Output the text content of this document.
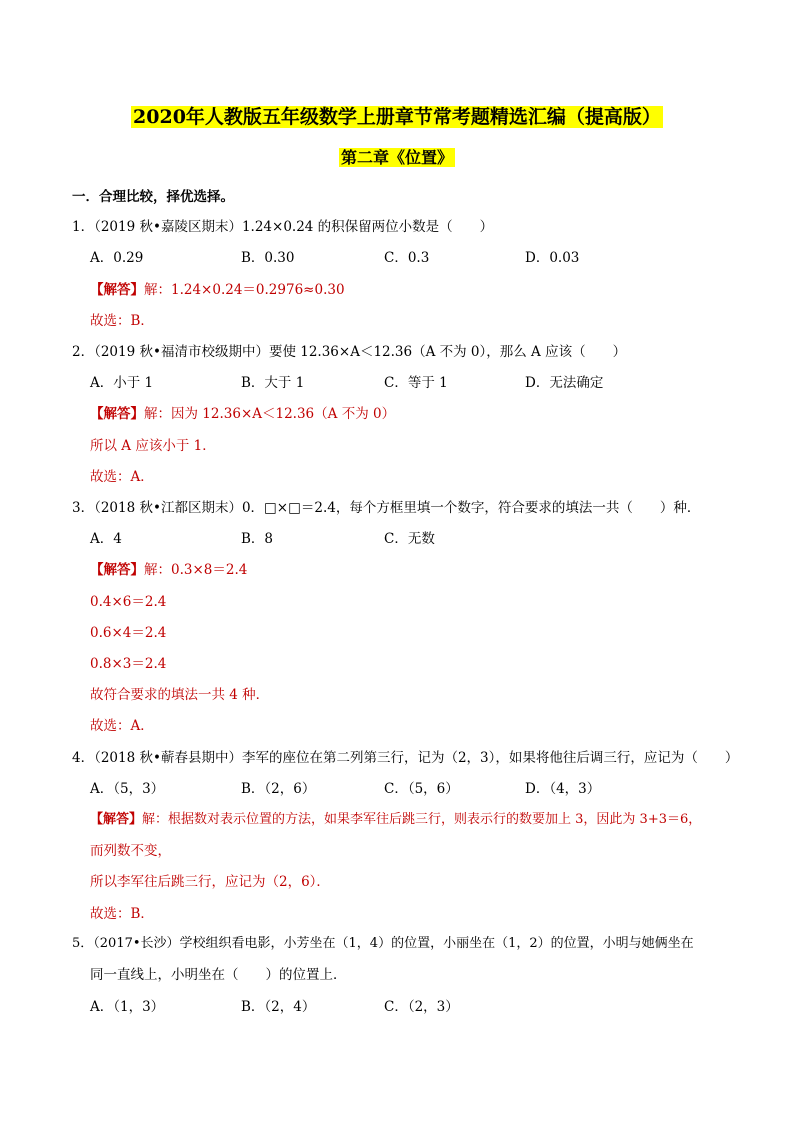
2020年人教版五年级数学上册章节常考题精选汇编（提高版）
第二章《位置》
一．合理比较，择优选择。
1．（2019 秋•嘉陵区期末）1.24×0.24 的积保留两位小数是（　　）
A．0.29	B．0.30	C．0.3	D．0.03
【解答】解：1.24×0.24＝0.2976≈0.30
故选：B．
2．（2019 秋•福清市校级期中）要使 12.36×A＜12.36（A 不为 0），那么 A 应该（　　）
A．小于 1	B．大于 1	C．等于 1	D．无法确定
【解答】解：因为 12.36×A＜12.36（A 不为 0）
所以 A 应该小于 1．
故选：A．
3．（2018 秋•江都区期末）0．□×□＝2.4，每个方框里填一个数字，符合要求的填法一共（　　）种．
A．4	B．8	C．无数
【解答】解：0.3×8＝2.4
0.4×6＝2.4
0.6×4＝2.4
0.8×3＝2.4
故符合要求的填法一共 4 种．
故选：A．
4．（2018 秋•蕲春县期中）李军的座位在第二列第三行，记为（2，3），如果将他往后调三行，应记为（　　）
A．（5，3）	B．（2，6）	C．（5，6）	D．（4，3）
【解答】解：根据数对表示位置的方法，如果李军往后跳三行，则表示行的数要加上 3，因此为 3+3＝6，
而列数不变，
所以李军往后跳三行，应记为（2，6）．
故选：B．
5．（2017•长沙）学校组织看电影，小芳坐在（1，4）的位置，小丽坐在（1，2）的位置，小明与她俩坐在
同一直线上，小明坐在（　　）的位置上．
A．（1，3）	B．（2，4）	C．（2，3）
